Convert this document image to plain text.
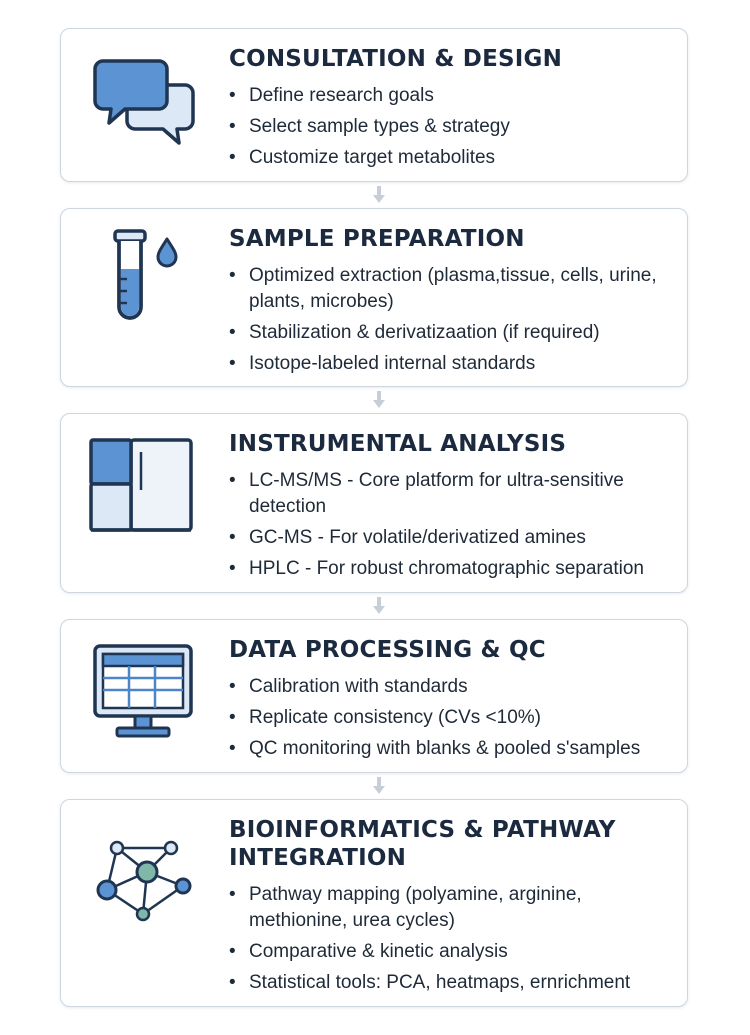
CONSULTATION & DESIGN
• Define research goals
• Select sample types & strategy
• Customize target metabolites
SAMPLE PREPARATION
• Optimized extraction (plasma,tissue, cells, urine, plants, microbes)
• Stabilization & derivatizaation (if required)
• Isotope-labeled internal standards
INSTRUMENTAL ANALYSIS
• LC-MS/MS - Core platform for ultra-sensitive detection
• GC-MS - For volatile/derivatized amines
• HPLC - For robust chromatographic separation
DATA PROCESSING & QC
• Calibration with standards
• Replicate consistency (CVs <10%)
• QC monitoring with blanks & pooled s'samples
BIOINFORMATICS & PATHWAY INTEGRATION
• Pathway mapping (polyamine, arginine, methionine, urea cycles)
• Comparative & kinetic analysis
• Statistical tools: PCA, heatmaps, ernrichment
